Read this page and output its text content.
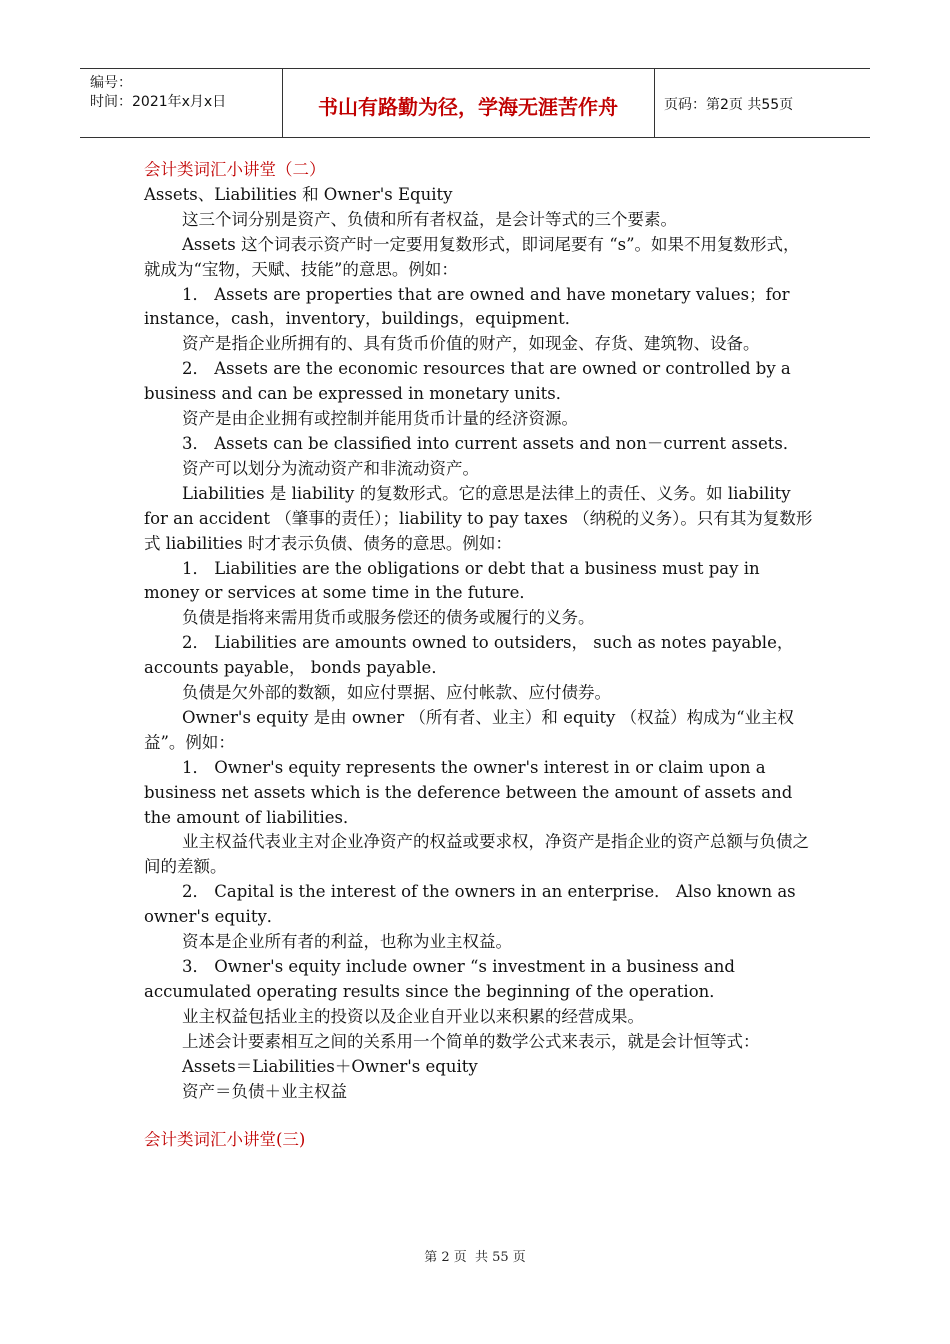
编号：
时间：2021年x月x日	书山有路勤为径，学海无涯苦作舟	页码：第2页 共55页

会计类词汇小讲堂（二）

Assets、Liabilities 和 Owner's Equity

这三个词分别是资产、负债和所有者权益，是会计等式的三个要素。

Assets 这个词表示资产时一定要用复数形式，即词尾要有 “s”。如果不用复数形式，就成为“宝物，天赋、技能”的意思。例如：

1． Assets are properties that are owned and have monetary values；for instance，cash，inventory，buildings，equipment．

资产是指企业所拥有的、具有货币价值的财产，如现金、存货、建筑物、设备。

2． Assets are the economic resources that are owned or controlled by a business and can be expressed in monetary units．

资产是由企业拥有或控制并能用货币计量的经济资源。

3． Assets can be classified into current assets and non－current assets．

资产可以划分为流动资产和非流动资产。

Liabilities 是 liability 的复数形式。它的意思是法律上的责任、义务。如 liability for an accident （肇事的责任）；liability to pay taxes （纳税的义务）。只有其为复数形式 liabilities 时才表示负债、债务的意思。例如：

1． Liabilities are the obligations or debt that a business must pay in money or services at some time in the future．

负债是指将来需用货币或服务偿还的债务或履行的义务。

2． Liabilities are amounts owned to outsiders， such as notes payable，accounts payable， bonds payable．

负债是欠外部的数额，如应付票据、应付帐款、应付债券。

Owner's equity 是由 owner （所有者、业主）和 equity （权益）构成为“业主权益”。例如：

1． Owner's equity represents the owner's interest in or claim upon a business net assets which is the deference between the amount of assets and the amount of liabilities．

业主权益代表业主对企业净资产的权益或要求权，净资产是指企业的资产总额与负债之间的差额。

2． Capital is the interest of the owners in an enterprise． Also known as owner's equity．

资本是企业所有者的利益，也称为业主权益。

3． Owner's equity include owner “s investment in a business and accumulated operating results since the beginning of the operation．

业主权益包括业主的投资以及企业自开业以来积累的经营成果。

上述会计要素相互之间的关系用一个简单的数学公式来表示，就是会计恒等式：

Assets＝Liabilities＋Owner's equity

资产＝负债＋业主权益

会计类词汇小讲堂(三)

第 2 页  共 55 页
